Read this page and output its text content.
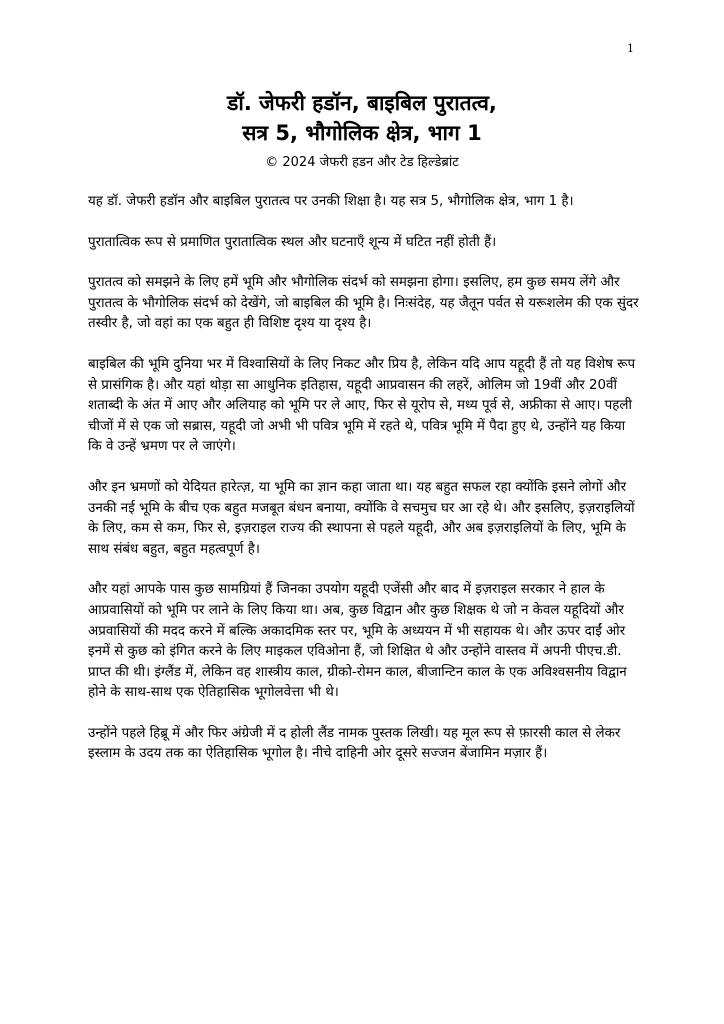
1
डॉ. जेफरी हडॉन, बाइबिल पुरातत्व,
सत्र 5, भौगोलिक क्षेत्र, भाग 1
© 2024 जेफरी हडन और टेड हिल्डेब्रांट

यह डॉ. जेफरी हडॉन और बाइबिल पुरातत्व पर उनकी शिक्षा है। यह सत्र 5, भौगोलिक क्षेत्र, भाग 1 है।

पुरातात्विक रूप से प्रमाणित पुरातात्विक स्थल और घटनाएँ शून्य में घटित नहीं होती हैं।

पुरातत्व को समझने के लिए हमें भूमि और भौगोलिक संदर्भ को समझना होगा। इसलिए, हम कुछ समय लेंगे और पुरातत्व के भौगोलिक संदर्भ को देखेंगे, जो बाइबिल की भूमि है। निःसंदेह, यह जैतून पर्वत से यरूशलेम की एक सुंदर तस्वीर है, जो वहां का एक बहुत ही विशिष्ट दृश्य या दृश्य है।

बाइबिल की भूमि दुनिया भर में विश्वासियों के लिए निकट और प्रिय है, लेकिन यदि आप यहूदी हैं तो यह विशेष रूप से प्रासंगिक है। और यहां थोड़ा सा आधुनिक इतिहास, यहूदी आप्रवासन की लहरें, ओलिम जो 19वीं और 20वीं शताब्दी के अंत में आए और अलियाह को भूमि पर ले आए, फिर से यूरोप से, मध्य पूर्व से, अफ्रीका से आए। पहली चीजों में से एक जो सब्रास, यहूदी जो अभी भी पवित्र भूमि में रहते थे, पवित्र भूमि में पैदा हुए थे, उन्होंने यह किया कि वे उन्हें भ्रमण पर ले जाएंगे।

और इन भ्रमणों को येदियत हारेत्ज़, या भूमि का ज्ञान कहा जाता था। यह बहुत सफल रहा क्योंकि इसने लोगों और उनकी नई भूमि के बीच एक बहुत मजबूत बंधन बनाया, क्योंकि वे सचमुच घर आ रहे थे। और इसलिए, इज़राइलियों के लिए, कम से कम, फिर से, इज़राइल राज्य की स्थापना से पहले यहूदी, और अब इज़राइलियों के लिए, भूमि के साथ संबंध बहुत, बहुत महत्वपूर्ण है।

और यहां आपके पास कुछ सामग्रियां हैं जिनका उपयोग यहूदी एजेंसी और बाद में इज़राइल सरकार ने हाल के आप्रवासियों को भूमि पर लाने के लिए किया था। अब, कुछ विद्वान और कुछ शिक्षक थे जो न केवल यहूदियों और अप्रवासियों की मदद करने में बल्कि अकादमिक स्तर पर, भूमि के अध्ययन में भी सहायक थे। और ऊपर दाईं ओर इनमें से कुछ को इंगित करने के लिए माइकल एविओना हैं, जो शिक्षित थे और उन्होंने वास्तव में अपनी पीएच.डी. प्राप्त की थी। इंग्लैंड में, लेकिन वह शास्त्रीय काल, ग्रीको-रोमन काल, बीजान्टिन काल के एक अविश्वसनीय विद्वान होने के साथ-साथ एक ऐतिहासिक भूगोलवेत्ता भी थे।

उन्होंने पहले हिब्रू में और फिर अंग्रेजी में द होली लैंड नामक पुस्तक लिखी। यह मूल रूप से फ़ारसी काल से लेकर इस्लाम के उदय तक का ऐतिहासिक भूगोल है। नीचे दाहिनी ओर दूसरे सज्जन बेंजामिन मज़ार हैं।
